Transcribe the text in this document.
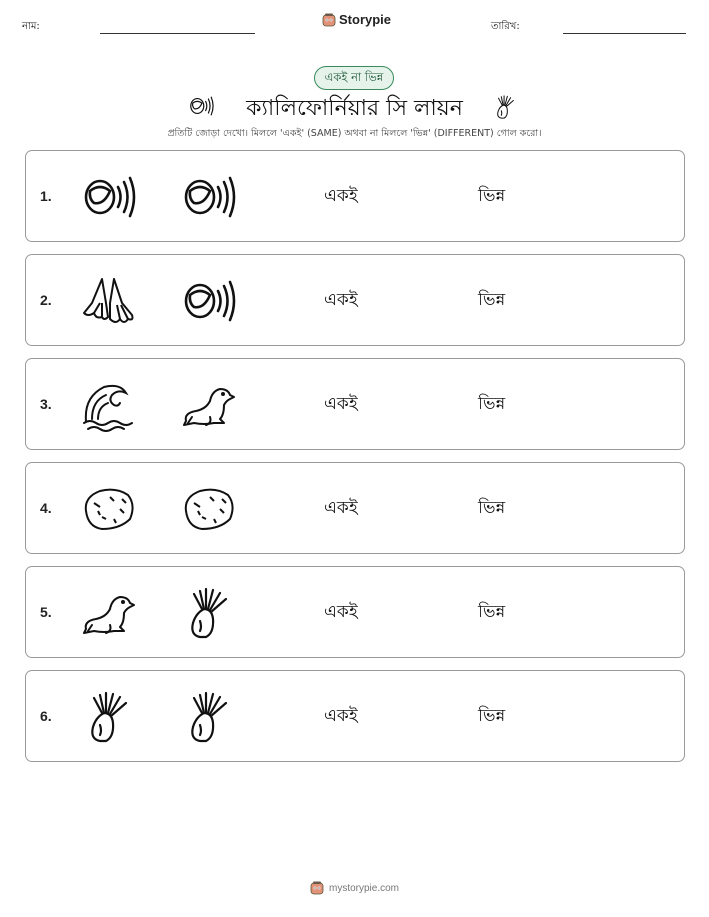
নাম:	Storypie	তারিখ:
একই না ভিন্ন
ক্যালিফোর্নিয়ার সি লায়ন
প্রতিটি জোড়া দেখো। মিললে 'একই' (SAME) অথবা না মিললে 'ভিন্ন' (DIFFERENT) গোল করো।
1.	একই	ভিন্ন
2.	একই	ভিন্ন
3.	একই	ভিন্ন
4.	একই	ভিন্ন
5.	একই	ভিন্ন
6.	একই	ভিন্ন
mystorypie.com
